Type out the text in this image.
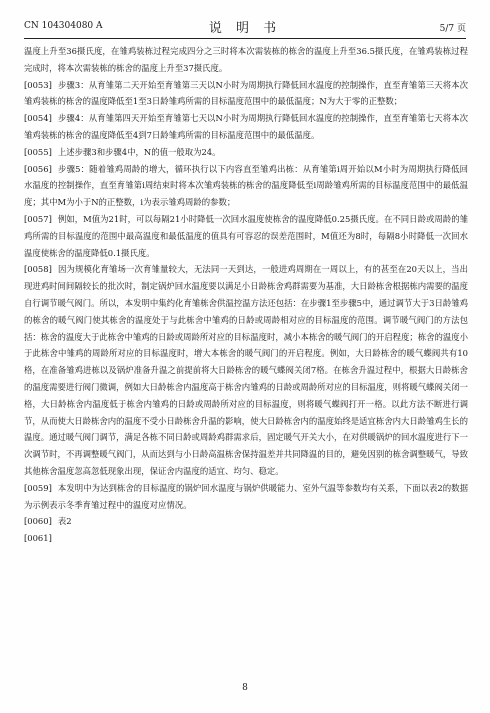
CN 104304080 A	说 明 书	5/7 页

温度上升至36摄氏度，在雏鸡装栋过程完成四分之三时将本次需装栋的栋舍的温度上升至36.5摄氏度，在雏鸡装栋过程完成时，将本次需装栋的栋舍的温度上升至37摄氏度。

[0053] 步骤3：从育雏第二天开始至育雏第三天以N小时为周期执行降低回水温度的控制操作，直至育雏第三天将本次雏鸡装栋的栋舍的温度降低至1至3日龄雏鸡所需的目标温度范围中的最低温度；N为大于零的正整数；

[0054] 步骤4：从育雏第四天开始至育雏第七天以N小时为周期执行降低回水温度的控制操作，直至育雏第七天将本次雏鸡装栋的栋舍的温度降低至4到7日龄雏鸡所需的目标温度范围中的最低温度。

[0055] 上述步骤3和步骤4中，N的值一般取为24。

[0056] 步骤5：随着雏鸡周龄的增大，循环执行以下内容直至雏鸡出栋：从育雏第i周开始以M小时为周期执行降低回水温度的控制操作，直至育雏第i周结束时将本次雏鸡装栋的栋舍的温度降低至i周龄雏鸡所需的目标温度范围中的最低温度；其中M为小于N的正整数，i为表示雏鸡周龄的参数；

[0057] 例如，M值为21时，可以每隔21小时降低一次回水温度使栋舍的温度降低0.25摄氏度。在不同日龄或周龄的雏鸡所需的目标温度的范围中最高温度和最低温度的值具有可容忍的误差范围时，M值还为8时，每隔8小时降低一次回水温度使栋舍的温度降低0.1摄氏度。

[0058] 因为规模化育雏场一次育雏量较大，无法同一天到达，一般进鸡周期在一周以上，有的甚至在20天以上，当出现进鸡时间间隔较长的批次时，制定锅炉回水温度要以满足小日龄栋舍鸡群需要为基准，大日龄栋舍根据栋内需要的温度自行调节暖气阀门。所以，本发明中集约化育雏栋舍供温控温方法还包括：在步骤1至步骤5中，通过调节大于3日龄雏鸡的栋舍的暖气阀门使其栋舍的温度处于与此栋舍中雏鸡的日龄或周龄相对应的目标温度的范围。调节暖气阀门的方法包括：栋舍的温度大于此栋舍中雏鸡的日龄或周龄所对应的目标温度时，减小本栋舍的暖气阀门的开启程度；栋舍的温度小于此栋舍中雏鸡的周龄所对应的目标温度时，增大本栋舍的暖气阀门的开启程度。例如，大日龄栋舍的暖气蝶阀共有10格，在准备雏鸡进栋以及锅炉准备升温之前提前将大日龄栋舍的暖气蝶阀关闭7格。在栋舍升温过程中，根据大日龄栋舍的温度需要进行阀门微调，例如大日龄栋舍内温度高于栋舍内雏鸡的日龄或周龄所对应的目标温度，则将暖气蝶阀关闭一格，大日龄栋舍内温度低于栋舍内雏鸡的日龄或周龄所对应的目标温度，则将暖气蝶阀打开一格。以此方法不断进行调节，从而使大日龄栋舍内的温度不受小日龄栋舍升温的影响，使大日龄栋舍内的温度始终是适宜栋舍内大日龄雏鸡生长的温度。通过暖气阀门调节，满足各栋不同日龄或周龄鸡群需求后，固定暖气开关大小，在对供暖锅炉的回水温度进行下一次调节时，不再调整暖气阀门，从而达到与小日龄高温栋舍保持温差并共同降温的目的，避免因别的栋舍调整暖气，导致其他栋舍温度忽高忽低现象出现，保证舍内温度的适宜、均匀、稳定。

[0059] 本发明中为达到栋舍的目标温度的锅炉回水温度与锅炉供暖能力、室外气温等参数均有关系，下面以表2的数据为示例表示冬季育雏过程中的温度对应情况。

[0060] 表2

[0061]

8
